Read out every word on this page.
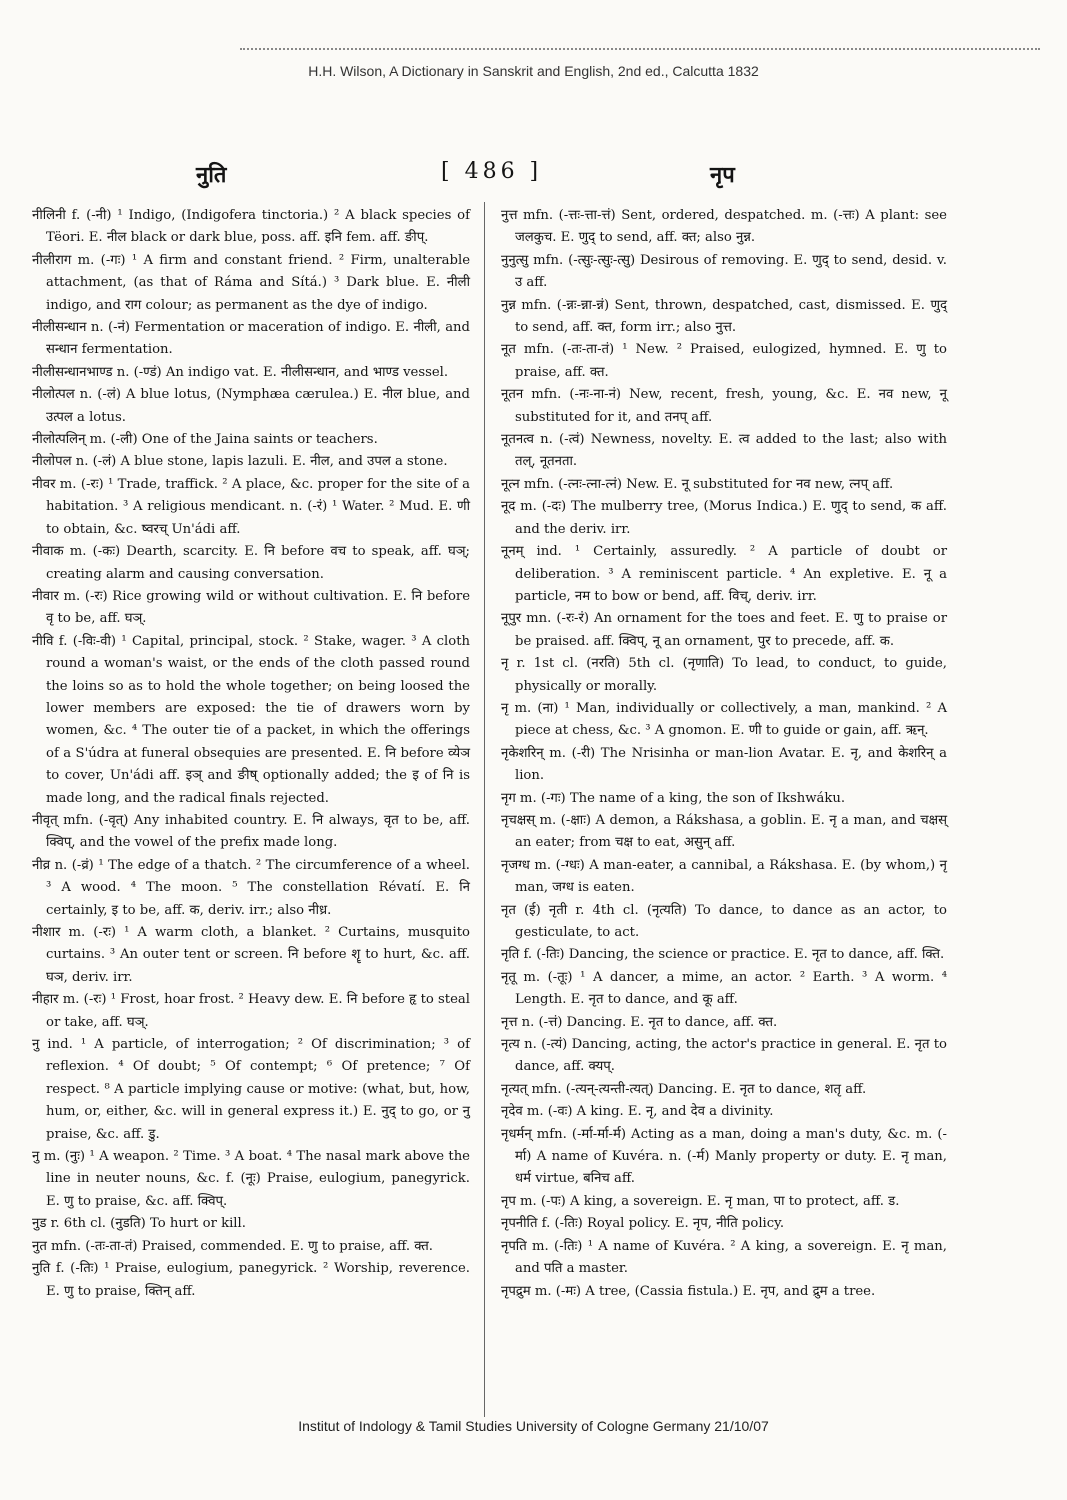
H.H. Wilson, A Dictionary in Sanskrit and English, 2nd ed., Calcutta 1832
नुति	[ 486 ]	नृप

नीलिनी f. (-नी) ¹ Indigo, (Indigofera tinctoria.) ² A black species of Tëori. E. नील black or dark blue, poss. aff. इनि fem. aff. ङीप्.

नीलीराग m. (-गः) ¹ A firm and constant friend. ² Firm, unalterable attachment, (as that of Ráma and Sítá.) ³ Dark blue. E. नीली indigo, and राग colour; as permanent as the dye of indigo.

नीलीसन्धान n. (-नं) Fermentation or maceration of indigo. E. नीली, and सन्धान fermentation.

नीलीसन्धानभाण्ड n. (-ण्डं) An indigo vat. E. नीलीसन्धान, and भाण्ड vessel.

नीलोत्पल n. (-लं) A blue lotus, (Nymphæa cærulea.) E. नील blue, and उत्पल a lotus.

नीलोत्पलिन् m. (-ली) One of the Jaina saints or teachers.

नीलोपल n. (-लं) A blue stone, lapis lazuli. E. नील, and उपल a stone.

नीवर m. (-रः) ¹ Trade, traffick. ² A place, &c. proper for the site of a habitation. ³ A religious mendicant. n. (-रं) ¹ Water. ² Mud. E. णी to obtain, &c. ष्वरच् Un'ádi aff.

नीवाक m. (-कः) Dearth, scarcity. E. नि before वच to speak, aff. घञ्; creating alarm and causing conversation.

नीवार m. (-रः) Rice growing wild or without cultivation. E. नि before वृ to be, aff. घञ्.

नीवि f. (-विः-वी) ¹ Capital, principal, stock. ² Stake, wager. ³ A cloth round a woman's waist, or the ends of the cloth passed round the loins so as to hold the whole together; on being loosed the lower members are exposed: the tie of drawers worn by women, &c. ⁴ The outer tie of a packet, in which the offerings of a S'údra at funeral obsequies are presented. E. नि before व्येञ to cover, Un'ádi aff. इञ् and ङीष् optionally added; the इ of नि is made long, and the radical finals rejected.

नीवृत् mfn. (-वृत्) Any inhabited country. E. नि always, वृत to be, aff. क्विप्, and the vowel of the prefix made long.

नीव्र n. (-व्रं) ¹ The edge of a thatch. ² The circumference of a wheel. ³ A wood. ⁴ The moon. ⁵ The constellation Révatí. E. नि certainly, इ to be, aff. क, deriv. irr.; also नीध्र.

नीशार m. (-रः) ¹ A warm cloth, a blanket. ² Curtains, musquito curtains. ³ An outer tent or screen. नि before शॄ to hurt, &c. aff. घञ, deriv. irr.

नीहार m. (-रः) ¹ Frost, hoar frost. ² Heavy dew. E. नि before हृ to steal or take, aff. घञ्.

नु ind. ¹ A particle, of interrogation; ² Of discrimination; ³ of reflexion. ⁴ Of doubt; ⁵ Of contempt; ⁶ Of pretence; ⁷ Of respect. ⁸ A particle implying cause or motive: (what, but, how, hum, or, either, &c. will in general express it.) E. नुद् to go, or नु praise, &c. aff. डु.

नु m. (नुः) ¹ A weapon. ² Time. ³ A boat. ⁴ The nasal mark above the line in neuter nouns, &c. f. (नूः) Praise, eulogium, panegyrick. E. णु to praise, &c. aff. क्विप्.

नुड r. 6th cl. (नुडति) To hurt or kill.

नुत mfn. (-तः-ता-तं) Praised, commended. E. णु to praise, aff. क्त.

नुति f. (-तिः) ¹ Praise, eulogium, panegyrick. ² Worship, reverence. E. णु to praise, क्तिन् aff.

नुत्त mfn. (-त्तः-त्ता-त्तं) Sent, ordered, despatched. m. (-त्तः) A plant: see जलकुच. E. णुद् to send, aff. क्त; also नुन्न.

नुनुत्सु mfn. (-त्सुः-त्सुः-त्सु) Desirous of removing. E. णुद् to send, desid. v. उ aff.

नुन्न mfn. (-न्नः-न्ना-न्नं) Sent, thrown, despatched, cast, dismissed. E. णुद् to send, aff. क्त, form irr.; also नुत्त.

नूत mfn. (-तः-ता-तं) ¹ New. ² Praised, eulogized, hymned. E. णु to praise, aff. क्त.

नूतन mfn. (-नः-ना-नं) New, recent, fresh, young, &c. E. नव new, नू substituted for it, and तनप् aff.

नूतनत्व n. (-त्वं) Newness, novelty. E. त्व added to the last; also with तल्, नूतनता.

नूत्न mfn. (-त्नः-त्ना-त्नं) New. E. नू substituted for नव new, त्नप् aff.

नूद m. (-दः) The mulberry tree, (Morus Indica.) E. णुद् to send, क aff. and the deriv. irr.

नूनम् ind. ¹ Certainly, assuredly. ² A particle of doubt or deliberation. ³ A reminiscent particle. ⁴ An expletive. E. नू a particle, नम to bow or bend, aff. विच्, deriv. irr.

नूपुर mn. (-रः-रं) An ornament for the toes and feet. E. णु to praise or be praised. aff. क्विप्, नू an ornament, पुर to precede, aff. क.

नृ r. 1st cl. (नरति) 5th cl. (नृणाति) To lead, to conduct, to guide, physically or morally.

नृ m. (ना) ¹ Man, individually or collectively, a man, mankind. ² A piece at chess, &c. ³ A gnomon. E. णी to guide or gain, aff. ऋन्.

नृकेशरिन् m. (-री) The Nrisinha or man-lion Avatar. E. नृ, and केशरिन् a lion.

नृग m. (-गः) The name of a king, the son of Ikshwáku.

नृचक्षस् m. (-क्षाः) A demon, a Rákshasa, a goblin. E. नृ a man, and चक्षस् an eater; from चक्ष to eat, असुन् aff.

नृजग्ध m. (-ग्धः) A man-eater, a cannibal, a Rákshasa. E. (by whom,) नृ man, जग्ध is eaten.

नृत (ई) नृती r. 4th cl. (नृत्यति) To dance, to dance as an actor, to gesticulate, to act.

नृति f. (-तिः) Dancing, the science or practice. E. नृत to dance, aff. क्ति.

नृतू m. (-तूः) ¹ A dancer, a mime, an actor. ² Earth. ³ A worm. ⁴ Length. E. नृत to dance, and कू aff.

नृत्त n. (-त्तं) Dancing. E. नृत to dance, aff. क्त.

नृत्य n. (-त्यं) Dancing, acting, the actor's practice in general. E. नृत to dance, aff. क्यप्.

नृत्यत् mfn. (-त्यन्-त्यन्ती-त्यत्) Dancing. E. नृत to dance, शतृ aff.

नृदेव m. (-वः) A king. E. नृ, and देव a divinity.

नृधर्मन् mfn. (-र्मा-र्मा-र्म) Acting as a man, doing a man's duty, &c. m. (-र्मा) A name of Kuvéra. n. (-र्म) Manly property or duty. E. नृ man, धर्म virtue, बनिच aff.

नृप m. (-पः) A king, a sovereign. E. नृ man, पा to protect, aff. ड.

नृपनीति f. (-तिः) Royal policy. E. नृप, नीति policy.

नृपति m. (-तिः) ¹ A name of Kuvéra. ² A king, a sovereign. E. नृ man, and पति a master.

नृपद्रुम m. (-मः) A tree, (Cassia fistula.) E. नृप, and द्रुम a tree.

Institut of Indology & Tamil Studies University of Cologne Germany 21/10/07
